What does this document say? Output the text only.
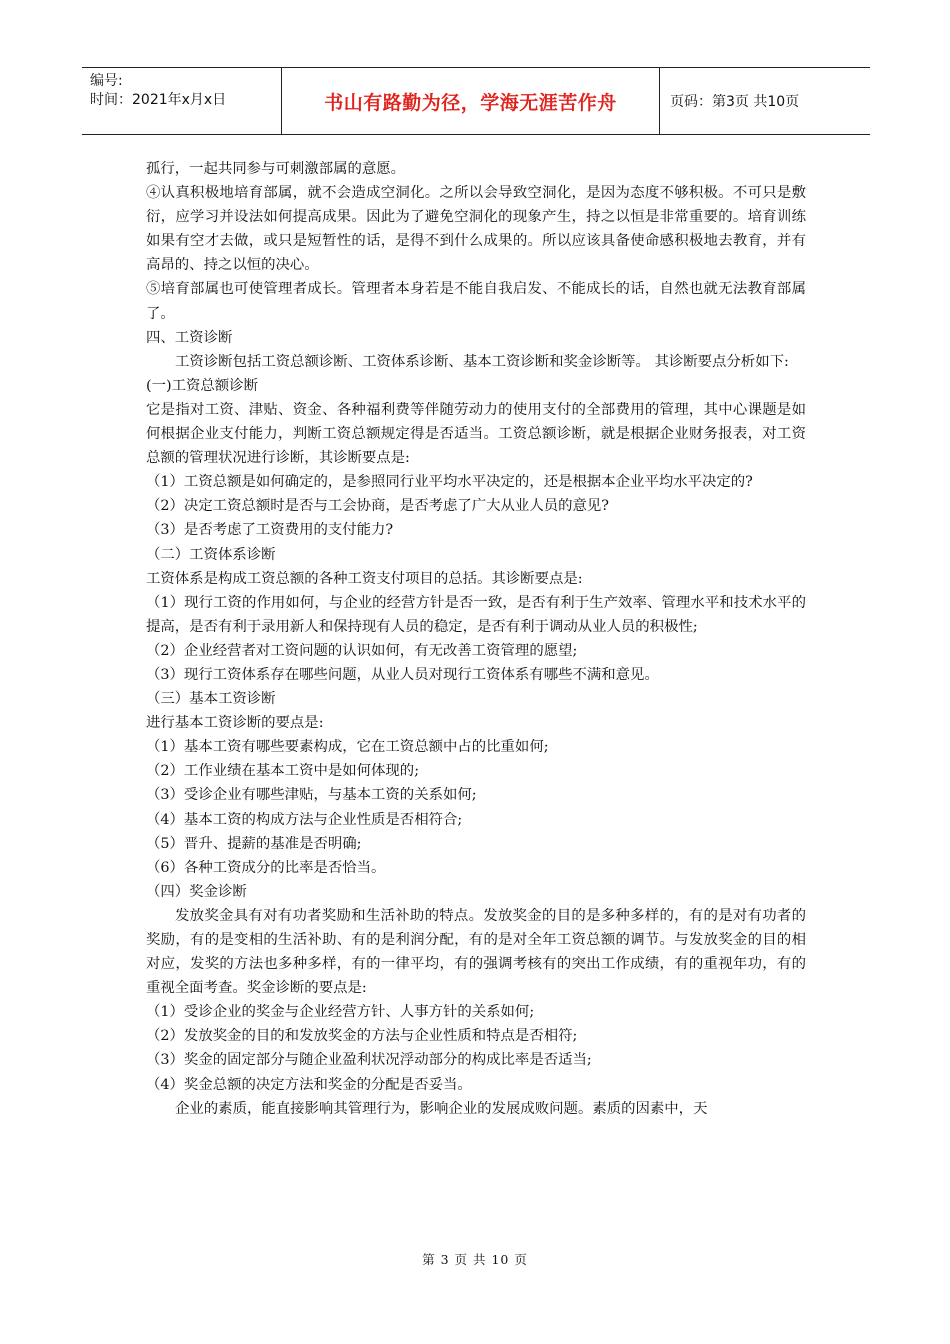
编号:
时间：2021年x月x日	书山有路勤为径，学海无涯苦作舟	页码：第3页 共10页

孤行，一起共同参与可刺激部属的意愿。

④认真积极地培育部属，就不会造成空洞化。之所以会导致空洞化，是因为态度不够积极。不可只是敷衍，应学习并设法如何提高成果。因此为了避免空洞化的现象产生，持之以恒是非常重要的。培育训练如果有空才去做，或只是短暂性的话，是得不到什么成果的。所以应该具备使命感积极地去教育，并有高昂的、持之以恒的决心。

⑤培育部属也可使管理者成长。管理者本身若是不能自我启发、不能成长的话，自然也就无法教育部属了。

四、工资诊断

工资诊断包括工资总额诊断、工资体系诊断、基本工资诊断和奖金诊断等。 其诊断要点分析如下:

(一)工资总额诊断

它是指对工资、津贴、资金、各种福利费等伴随劳动力的使用支付的全部费用的管理，其中心课题是如何根据企业支付能力，判断工资总额规定得是否适当。工资总额诊断，就是根据企业财务报表，对工资总额的管理状况进行诊断，其诊断要点是:

（1）工资总额是如何确定的，是参照同行业平均水平决定的，还是根据本企业平均水平决定的?

（2）决定工资总额时是否与工会协商，是否考虑了广大从业人员的意见?

（3）是否考虑了工资费用的支付能力?

（二）工资体系诊断

工资体系是构成工资总额的各种工资支付项目的总括。其诊断要点是:

（1）现行工资的作用如何，与企业的经营方针是否一致，是否有利于生产效率、管理水平和技术水平的提高，是否有利于录用新人和保持现有人员的稳定，是否有利于调动从业人员的积极性;

（2）企业经营者对工资问题的认识如何，有无改善工资管理的愿望;

（3）现行工资体系存在哪些问题，从业人员对现行工资体系有哪些不满和意见。

（三）基本工资诊断

进行基本工资诊断的要点是:

（1）基本工资有哪些要素构成，它在工资总额中占的比重如何;

（2）工作业绩在基本工资中是如何体现的;

（3）受诊企业有哪些津贴，与基本工资的关系如何;

（4）基本工资的构成方法与企业性质是否相符合;

（5）晋升、提薪的基准是否明确;

（6）各种工资成分的比率是否恰当。

（四）奖金诊断

发放奖金具有对有功者奖励和生活补助的特点。发放奖金的目的是多种多样的，有的是对有功者的奖励，有的是变相的生活补助、有的是利润分配，有的是对全年工资总额的调节。与发放奖金的目的相对应，发奖的方法也多种多样，有的一律平均，有的强调考核有的突出工作成绩，有的重视年功，有的重视全面考查。奖金诊断的要点是:

（1）受诊企业的奖金与企业经营方针、人事方针的关系如何;

（2）发放奖金的目的和发放奖金的方法与企业性质和特点是否相符;

（3）奖金的固定部分与随企业盈利状况浮动部分的构成比率是否适当;

（4）奖金总额的决定方法和奖金的分配是否妥当。

企业的素质，能直接影响其管理行为，影响企业的发展成败问题。素质的因素中，天

第 3 页 共 10 页
